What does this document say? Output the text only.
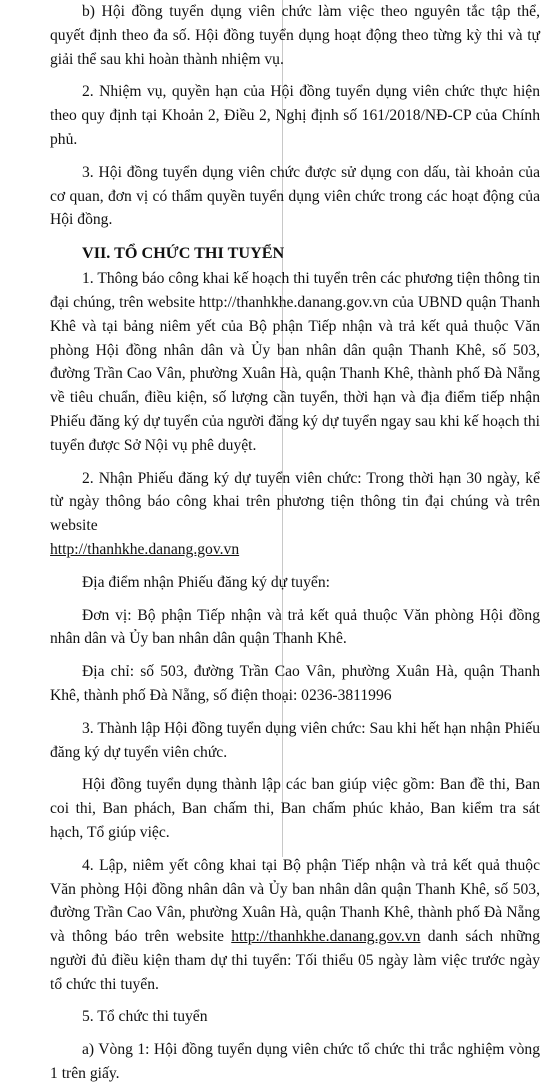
b) Hội đồng tuyển dụng viên chức làm việc theo nguyên tắc tập thể, quyết định theo đa số. Hội đồng tuyển dụng hoạt động theo từng kỳ thi và tự giải thể sau khi hoàn thành nhiệm vụ.

2. Nhiệm vụ, quyền hạn của Hội đồng tuyển dụng viên chức thực hiện theo quy định tại Khoản 2, Điều 2, Nghị định số 161/2018/NĐ-CP của Chính phủ.

3. Hội đồng tuyển dụng viên chức được sử dụng con dấu, tài khoản của cơ quan, đơn vị có thẩm quyền tuyển dụng viên chức trong các hoạt động của Hội đồng.

VII. TỔ CHỨC THI TUYỂN

1. Thông báo công khai kế hoạch thi tuyển trên các phương tiện thông tin đại chúng, trên website http://thanhkhe.danang.gov.vn của UBND quận Thanh Khê và tại bảng niêm yết của Bộ phận Tiếp nhận và trả kết quả thuộc Văn phòng Hội đồng nhân dân và Ủy ban nhân dân quận Thanh Khê, số 503, đường Trần Cao Vân, phường Xuân Hà, quận Thanh Khê, thành phố Đà Nẵng về tiêu chuẩn, điều kiện, số lượng cần tuyển, thời hạn và địa điểm tiếp nhận Phiếu đăng ký dự tuyển của người đăng ký dự tuyển ngay sau khi kế hoạch thi tuyển được Sở Nội vụ phê duyệt.

2. Nhận Phiếu đăng ký dự tuyển viên chức: Trong thời hạn 30 ngày, kể từ ngày thông báo công khai trên phương tiện thông tin đại chúng và trên website
http://thanhkhe.danang.gov.vn

Địa điểm nhận Phiếu đăng ký dự tuyển:

Đơn vị: Bộ phận Tiếp nhận và trả kết quả thuộc Văn phòng Hội đồng nhân dân và Ủy ban nhân dân quận Thanh Khê.

Địa chỉ: số 503, đường Trần Cao Vân, phường Xuân Hà, quận Thanh Khê, thành phố Đà Nẵng, số điện thoại: 0236-3811996

3. Thành lập Hội đồng tuyển dụng viên chức: Sau khi hết hạn nhận Phiếu đăng ký dự tuyển viên chức.

Hội đồng tuyển dụng thành lập các ban giúp việc gồm: Ban đề thi, Ban coi thi, Ban phách, Ban chấm thi, Ban chấm phúc khảo, Ban kiểm tra sát hạch, Tổ giúp việc.

4. Lập, niêm yết công khai tại Bộ phận Tiếp nhận và trả kết quả thuộc Văn phòng Hội đồng nhân dân và Ủy ban nhân dân quận Thanh Khê, số 503, đường Trần Cao Vân, phường Xuân Hà, quận Thanh Khê, thành phố Đà Nẵng và thông báo trên website http://thanhkhe.danang.gov.vn danh sách những người đủ điều kiện tham dự thi tuyển: Tối thiểu 05 ngày làm việc trước ngày tổ chức thi tuyển.

5. Tổ chức thi tuyển

a) Vòng 1: Hội đồng tuyển dụng viên chức tổ chức thi trắc nghiệm vòng 1 trên giấy.
